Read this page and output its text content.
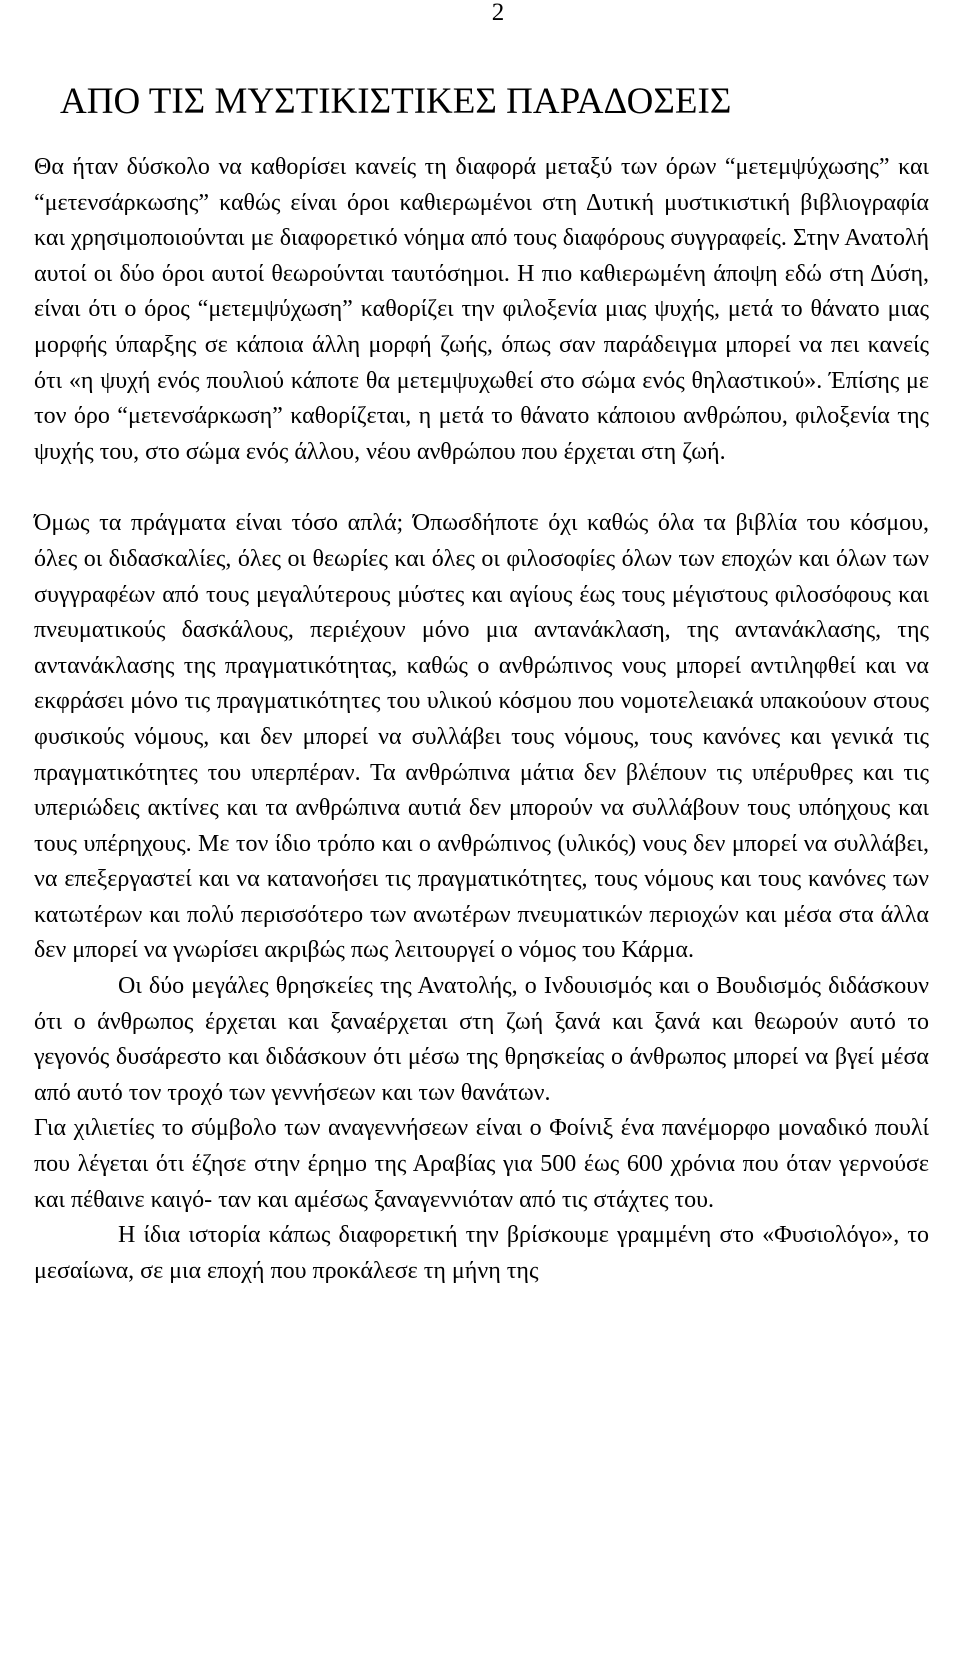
2
ΑΠΟ ΤΙΣ ΜΥΣΤΙΚΙΣΤΙΚΕΣ ΠΑΡΑΔΟΣΕΙΣ

Θα ήταν δύσκολο να καθορίσει κανείς τη διαφορά μεταξύ των όρων “μετεμψύχωσης” και “μετενσάρκωσης” καθώς είναι όροι καθιερωμένοι στη Δυτική μυστικιστική βιβλιογραφία και χρησιμοποιούνται με διαφορετικό νόημα από τους διαφόρους συγγραφείς. Στην Ανατολή αυτοί οι δύο όροι αυτοί θεωρούνται ταυτόσημοι. Η πιο καθιερωμένη άποψη εδώ στη Δύση, είναι ότι ο όρος “μετεμψύχωση” καθορίζει την φιλοξενία μιας ψυχής, μετά το θάνατο μιας μορφής ύπαρξης σε κάποια άλλη μορφή ζωής, όπως σαν παράδειγμα μπορεί να πει κανείς ότι «η ψυχή ενός πουλιού κάποτε θα μετεμψυχωθεί στο σώμα ενός θηλαστικού». Έπίσης με τον όρο “μετενσάρκωση” καθορίζεται, η μετά το θάνατο κάποιου ανθρώπου, φιλοξενία της ψυχής του, στο σώμα ενός άλλου, νέου ανθρώπου που έρχεται στη ζωή.

Όμως τα πράγματα είναι τόσο απλά; Όπωσδήποτε όχι καθώς όλα τα βιβλία του κόσμου, όλες οι διδασκαλίες, όλες οι θεωρίες και όλες οι φιλοσοφίες όλων των εποχών και όλων των συγγραφέων από τους μεγαλύτερους μύστες και αγίους έως τους μέγιστους φιλοσόφους και πνευματικούς δασκάλους, περιέχουν μόνο μια αντανάκλαση, της αντανάκλασης, της αντανάκλασης της πραγματικότητας, καθώς ο ανθρώπινος νους μπορεί αντιληφθεί και να εκφράσει μόνο τις πραγματικότητες του υλικού κόσμου που νομοτελειακά υπακούουν στους φυσικούς νόμους, και δεν μπορεί να συλλάβει τους νόμους, τους κανόνες και γενικά τις πραγματικότητες του υπερπέραν. Τα ανθρώπινα μάτια δεν βλέπουν τις υπέρυθρες και τις υπεριώδεις ακτίνες και τα ανθρώπινα αυτιά δεν μπορούν να συλλάβουν τους υπόηχους και τους υπέρηχους. Με τον ίδιο τρόπο και ο ανθρώπινος (υλικός) νους δεν μπορεί να συλλάβει, να επεξεργαστεί και να κατανοήσει τις πραγματικότητες, τους νόμους και τους κανόνες των κατωτέρων και πολύ περισσότερο των ανωτέρων πνευματικών περιοχών και μέσα στα άλλα δεν μπορεί να γνωρίσει ακριβώς πως λειτουργεί ο νόμος του Κάρμα.

Οι δύο μεγάλες θρησκείες της Ανατολής, ο Ινδουισμός και ο Βουδισμός διδάσκουν ότι ο άνθρωπος έρχεται και ξαναέρχεται στη ζωή ξανά και ξανά και θεωρούν αυτό το γεγονός δυσάρεστο και διδάσκουν ότι μέσω της θρησκείας ο άνθρωπος μπορεί να βγεί μέσα από αυτό τον τροχό των γεννήσεων και των θανάτων.

Για χιλιετίες το σύμβολο των αναγεννήσεων είναι ο Φοίνιξ ένα πανέμορφο μοναδικό πουλί που λέγεται ότι έζησε στην έρημο της Αραβίας για 500 έως 600 χρόνια που όταν γερνούσε και πέθαινε καιγό- ταν και αμέσως ξαναγεννιόταν από τις στάχτες του.

Η ίδια ιστορία κάπως διαφορετική την βρίσκουμε γραμμένη στο «Φυσιολόγο», το μεσαίωνα, σε μια εποχή που προκάλεσε τη μήνη της
